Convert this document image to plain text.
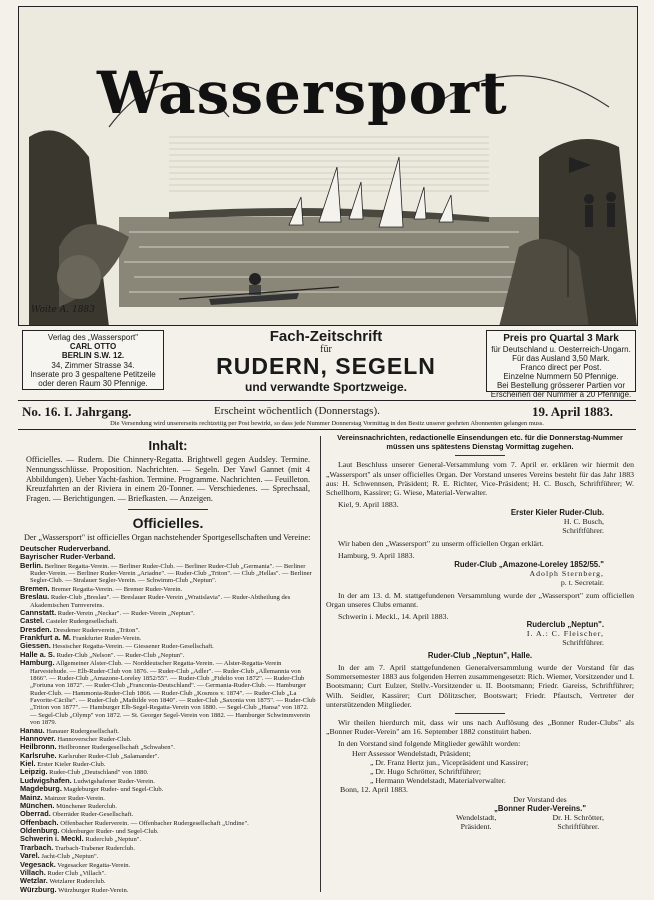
Wassersport
Woite A. 1883
Verlag des „Wassersport"
CARL OTTO
BERLIN S.W. 12.
34, Zimmer Strasse 34.
Inserate pro 3 gespaltene Petitzeile
oder deren Raum 30 Pfennige.
Fach-Zeitschrift
für
RUDERN, SEGELN
und verwandte Sportzweige.
Preis pro Quartal 3 Mark
für Deutschland u. Oesterreich-Ungarn.
Für das Ausland 3,50 Mark.
Franco direct per Post.
Einzelne Nummern 50 Pfennige.
Bei Bestellung grösserer Partien vor
Erscheinen der Nummer à 20 Pfennige.
No. 16. I. Jahrgang.	Erscheint wöchentlich (Donnerstags).	19. April 1883.
Die Versendung wird unsererseits rechtzeitig per Post bewirkt, so dass jede Nummer Donnerstag Vormittag in den Besitz unserer geehrten Abonnenten gelangen muss.
Inhalt:
Officielles. — Rudern. Die Chinnery-Regatta. Brightwell gegen Audsley. Termine. Nennungsschlüsse. Proposition. Nachrichten. — Segeln. Der Yawl Gannet (mit 4 Abbildungen). Ueber Yacht-fashion. Termine. Programme. Nachrichten. — Feuilleton. Kreuzfahrten an der Riviera in einem 20-Tonner. — Verschiedenes. — Sprechsaal, Fragen. — Berichtigungen. — Briefkasten. — Anzeigen.
Officielles.
Der „Wassersport" ist officielles Organ nachstehender Sportgesellschaften und Vereine:
Deutscher Ruderverband.
Bayrischer Ruder-Verband.
Berlin. Berliner Regatta-Verein. — Berliner Ruder-Club. — Berliner Ruder-Club „Germania". — Berliner Ruder-Verein. — Berliner Ruder-Verein „Ariadne". — Ruder-Club „Triton". — Club „Hellas". — Berliner Segler-Club. — Stralauer Segler-Verein. — Schwimm-Club „Neptun".
Bremen. Bremer Regatta-Verein. — Bremer Ruder-Verein.
Breslau. Ruder-Club „Breslau". — Breslauer Ruder-Verein „Wratislavia". — Ruder-Abtheilung des Akademischen Turnvereins.
Cannstatt. Ruder-Verein „Neckar". — Ruder-Verein „Neptun".
Castel. Casteler Rudergesellschaft.
Dresden. Dresdener Ruderverein „Triton".
Frankfurt a. M. Frankfurter Ruder-Verein.
Giessen. Hessischer Regatta-Verein. — Giessener Ruder-Gesellschaft.
Halle a. S. Ruder-Club „Nelson". — Ruder-Club „Neptun".
Hamburg. Allgemeiner Alster-Club. — Norddeutscher Regatta-Verein. — Alster-Regatta-Verein Harvestehude. — Elb-Ruder-Club von 1876. — Ruder-Club „Adler". — Ruder-Club „Allemannia von 1866". — Ruder-Club „Amazone-Loreley 1852/55". — Ruder-Club „Fidelio von 1872". — Ruder-Club „Fortuna von 1872". — Ruder-Club „Franconia-Deutschland". — Germania-Ruder-Club. — Hamburger Ruder-Club. — Hammonia-Ruder-Club 1866. — Ruder-Club „Kosmos v. 1874". — Ruder-Club „La Favorite-Cäcilie". — Ruder-Club „Mathilde von 1840". — Ruder-Club „Saxonia von 1875". — Ruder-Club „Triton von 1877". — Hamburger Elb-Segel-Regatta-Verein von 1880. — Segel-Club „Hansa" von 1872. — Segel-Club „Olymp" von 1872. — St. Georger Segel-Verein von 1882. — Hamburger Schwimmverein von 1879.
Hanau. Hanauer Rudergesellschaft.
Hannover. Hannoverscher Ruder-Club.
Heilbronn. Heilbronner Rudergesellschaft „Schwaben".
Karlsruhe. Karlsruher Ruder-Club „Salamander".
Kiel. Erster Kieler Ruder-Club.
Leipzig. Ruder-Club „Deutschland" von 1880.
Ludwigshafen. Ludwigshafener Ruder-Verein.
Magdeburg. Magdeburger Ruder- und Segel-Club.
Mainz. Mainzer Ruder-Verein.
München. Münchener Ruderclub.
Oberrad. Oberräder Ruder-Gesellschaft.
Offenbach. Offenbacher Ruderverein. — Offenbacher Rudergesellschaft „Undine".
Oldenburg. Oldenburger Ruder- und Segel-Club.
Schwerin i. Meckl. Ruderclub „Neptun".
Trarbach. Trarbach-Trabener Ruderclub.
Varel. Jacht-Club „Neptun".
Vegesack. Vegesacker Regatta-Verein.
Villach. Ruder Club „Villach".
Wetzlar. Wetzlarer Ruderclub.
Würzburg. Würzburger Ruder-Verein.
Vereinsnachrichten, redactionelle Einsendungen etc. für die Donnerstag-Nummer müssen uns spätestens Dienstag Vormittag zugehen.
Laut Beschluss unserer General-Versammlung vom 7. April er. erklären wir hiermit den „Wassersport" als unser officielles Organ. Der Vorstand unseres Vereins besteht für das Jahr 1883 aus: H. Schwennsen, Präsident; R. E. Richter, Vice-Präsident; H. C. Busch, Schriftführer; W. Schellhorn, Kassirer; G. Wiese, Material-Verwalter.
Kiel, 9. April 1883.
Erster Kieler Ruder-Club.
H. C. Busch,
Schriftführer.
Wir haben den „Wassersport" zu unserm officiellen Organ erklärt.
Hamburg, 9. April 1883.
Ruder-Club „Amazone-Loreley 1852/55."
Adolph Sternberg,
p. t. Secretair.
In der am 13. d. M. stattgefundenen Versammlung wurde der „Wassersport" zum officiellen Organ unseres Clubs ernannt.
Schwerin i. Meckl., 14. April 1883.
Ruderclub „Neptun".
I. A.: C. Fleischer,
Schriftführer.
Ruder-Club „Neptun", Halle.
In der am 7. April stattgefundenen Generalversammlung wurde der Vorstand für das Sommersemester 1883 aus folgenden Herren zusammengesetzt: Rich. Wiemer, Vorsitzender und I. Bootsmann; Curt Eulzer, Stellv.-Vorsitzender u. II. Bootsmann; Friedr. Gareiss, Schriftführer; Wilh. Seidler, Kassirer; Curt Dölitzscher, Bootswart; Friedr. Pfautsch, Vertreter der unterstützenden Mitglieder.
Wir theilen hierdurch mit, dass wir uns nach Auflösung des „Bonner Ruder-Clubs" als „Bonner Ruder-Verein" am 16. September 1882 constituirt haben.
In den Vorstand sind folgende Mitglieder gewählt worden:
Herr Assessor Wendelstadt, Präsident;
„ Dr. Franz Hertz jun., Vicepräsident und Kassirer;
„ Dr. Hugo Schrötter, Schriftführer;
„ Hermann Wendelstadt, Materialverwalter.
Bonn, 12. April 1883.
Der Vorstand des
„Bonner Ruder-Vereins."
Wendelstadt,
Präsident.
Dr. H. Schrötter,
Schriftführer.
